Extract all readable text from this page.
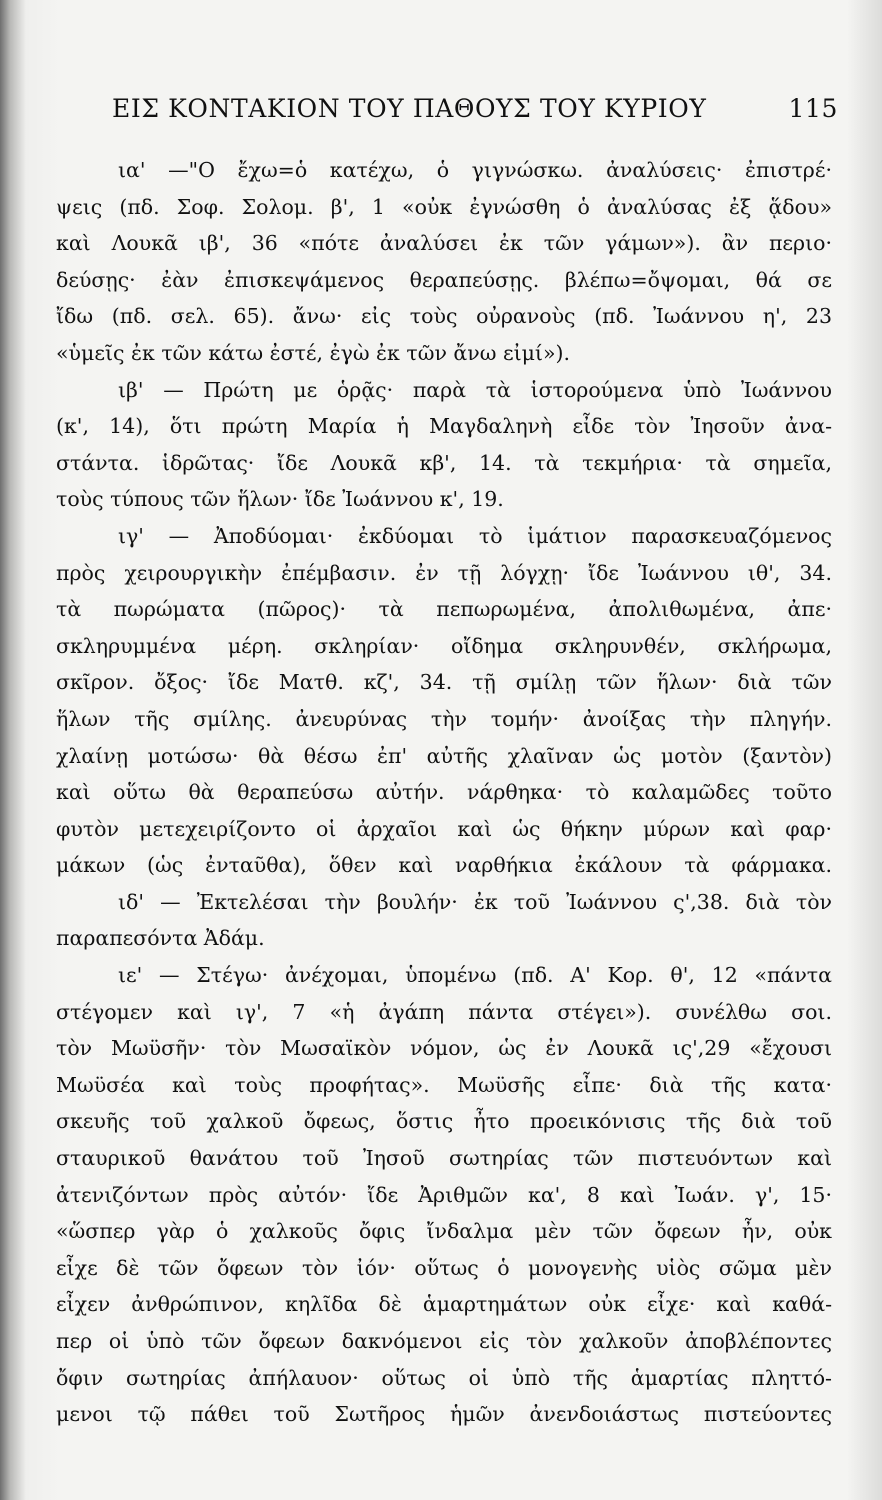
ΕΙΣ ΚΟΝΤΑΚΙΟΝ ΤΟΥ ΠΑΘΟΥΣ ΤΟΥ ΚΥΡΙΟΥ	115
ια' —"Ο ἔχω=ὁ κατέχω, ὁ γιγνώσκω. ἀναλύσεις· ἐπιστρέ·
ψεις (πδ. Σοφ. Σολομ. β', 1 «οὐκ ἐγνώσθη ὁ ἀναλύσας ἐξ ᾅδου»
καὶ Λουκᾶ ιβ', 36 «πότε ἀναλύσει ἐκ τῶν γάμων»). ἂν περιο·
δεύσῃς· ἐὰν ἐπισκεψάμενος θεραπεύσῃς. βλέπω=ὄψομαι, θά σε
ἴδω (πδ. σελ. 65). ἄνω· εἰς τοὺς οὐρανοὺς (πδ. Ἰωάννου η', 23
«ὑμεῖς ἐκ τῶν κάτω ἐστέ, ἐγὼ ἐκ τῶν ἄνω εἰμί»).
ιβ' — Πρώτη με ὁρᾷς· παρὰ τὰ ἱστορούμενα ὑπὸ Ἰωάννου
(κ', 14), ὅτι πρώτη Μαρία ἡ Μαγδαληνὴ εἶδε τὸν Ἰησοῦν ἀνα-
στάντα. ἱδρῶτας· ἴδε Λουκᾶ κβ', 14. τὰ τεκμήρια· τὰ σημεῖα,
τοὺς τύπους τῶν ἥλων· ἴδε Ἰωάννου κ', 19.
ιγ' — Ἀποδύομαι· ἐκδύομαι τὸ ἱμάτιον παρασκευαζόμενος
πρὸς χειρουργικὴν ἐπέμβασιν. ἐν τῇ λόγχῃ· ἴδε Ἰωάννου ιθ', 34.
τὰ πωρώματα (πῶρος)· τὰ πεπωρωμένα, ἀπολιθωμένα, ἀπε·
σκληρυμμένα μέρη. σκληρίαν· οἴδημα σκληρυνθέν, σκλήρωμα,
σκῖρον. ὄξος· ἴδε Ματθ. κζ', 34. τῇ σμίλῃ τῶν ἥλων· διὰ τῶν
ἥλων τῆς σμίλης. ἀνευρύνας τὴν τομήν· ἀνοίξας τὴν πληγήν.
χλαίνῃ μοτώσω· θὰ θέσω ἐπ' αὐτῆς χλαῖναν ὡς μοτὸν (ξαντὸν)
καὶ οὕτω θὰ θεραπεύσω αὐτήν. νάρθηκα· τὸ καλαμῶδες τοῦτο
φυτὸν μετεχειρίζοντο οἱ ἀρχαῖοι καὶ ὡς θήκην μύρων καὶ φαρ·
μάκων (ὡς ἐνταῦθα), ὅθεν καὶ ναρθήκια ἐκάλουν τὰ φάρμακα.
ιδ' — Ἐκτελέσαι τὴν βουλήν· ἐκ τοῦ Ἰωάννου ς',38. διὰ τὸν
παραπεσόντα Ἀδάμ.
ιε' — Στέγω· ἀνέχομαι, ὑπομένω (πδ. Α' Κορ. θ', 12 «πάντα
στέγομεν καὶ ιγ', 7 «ἡ ἀγάπη πάντα στέγει»). συνέλθω σοι.
τὸν Μωϋσῆν· τὸν Μωσαϊκὸν νόμον, ὡς ἐν Λουκᾶ ις',29 «ἔχουσι
Μωϋσέα καὶ τοὺς προφήτας». Μωϋσῆς εἶπε· διὰ τῆς κατα·
σκευῆς τοῦ χαλκοῦ ὄφεως, ὅστις ἦτο προεικόνισις τῆς διὰ τοῦ
σταυρικοῦ θανάτου τοῦ Ἰησοῦ σωτηρίας τῶν πιστευόντων καὶ
ἀτενιζόντων πρὸς αὐτόν· ἴδε Ἀριθμῶν κα', 8 καὶ Ἰωάν. γ', 15·
«ὥσπερ γὰρ ὁ χαλκοῦς ὄφις ἴνδαλμα μὲν τῶν ὄφεων ἦν, οὐκ
εἶχε δὲ τῶν ὄφεων τὸν ἰόν· οὕτως ὁ μονογενὴς υἱὸς σῶμα μὲν
εἶχεν ἀνθρώπινον, κηλῖδα δὲ ἁμαρτημάτων οὐκ εἶχε· καὶ καθά-
περ οἱ ὑπὸ τῶν ὄφεων δακνόμενοι εἰς τὸν χαλκοῦν ἀποβλέποντες
ὄφιν σωτηρίας ἀπήλαυον· οὕτως οἱ ὑπὸ τῆς ἁμαρτίας πληττό-
μενοι τῷ πάθει τοῦ Σωτῆρος ἡμῶν ἀνενδοιάστως πιστεύοντες
